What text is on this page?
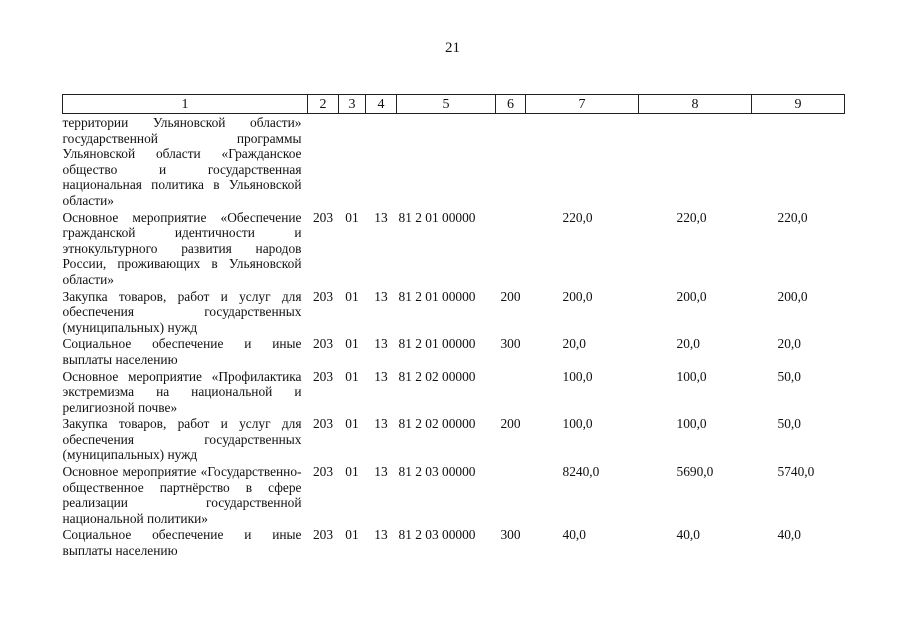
21
1	2	3	4	5	6	7	8	9
территории Ульяновской области» государственной программы Ульяновской области «Гражданское общество и государственная национальная политика в Ульяновской области»								
Основное мероприятие «Обеспечение гражданской идентичности и этнокультурного развития народов России, проживающих в Ульяновской области»	203	01	13	81 2 01 00000		220,0	220,0	220,0
Закупка товаров, работ и услуг для обеспечения государственных (муниципальных) нужд	203	01	13	81 2 01 00000	200	200,0	200,0	200,0
Социальное обеспечение и иные выплаты населению	203	01	13	81 2 01 00000	300	20,0	20,0	20,0
Основное мероприятие «Профилактика экстремизма на национальной и религиозной почве»	203	01	13	81 2 02 00000		100,0	100,0	50,0
Закупка товаров, работ и услуг для обеспечения государственных (муниципальных) нужд	203	01	13	81 2 02 00000	200	100,0	100,0	50,0
Основное мероприятие «Государственно-общественное партнёрство в сфере реализации государственной национальной политики»	203	01	13	81 2 03 00000		8240,0	5690,0	5740,0
Социальное обеспечение и иные выплаты населению	203	01	13	81 2 03 00000	300	40,0	40,0	40,0
